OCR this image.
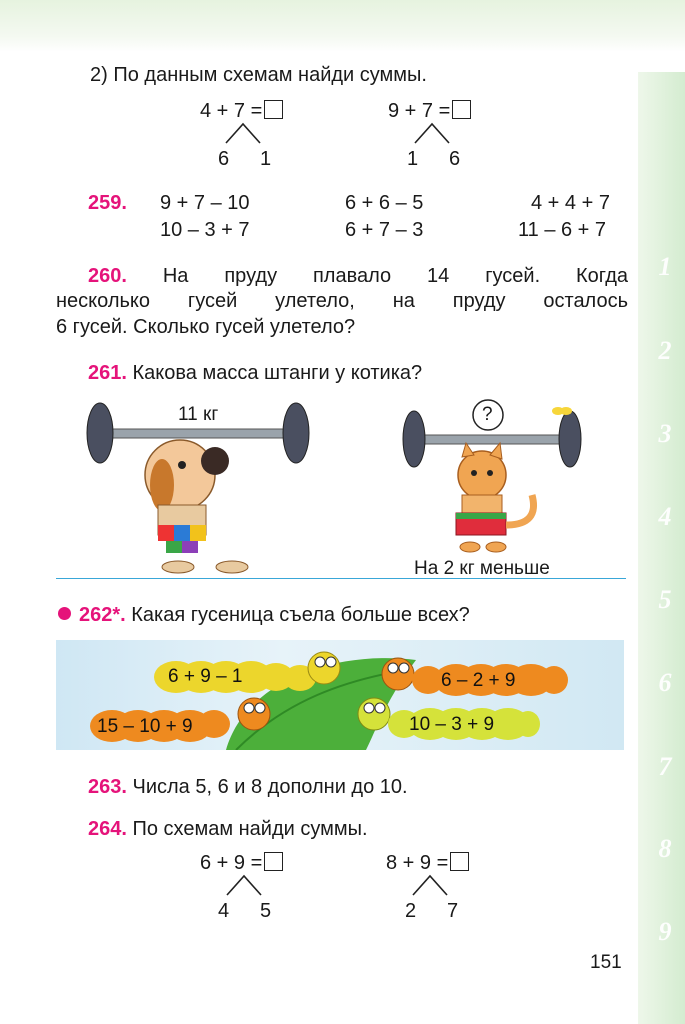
1
2
3
4
5
6
7
8
9
2) По данным схемам найди суммы.
4 + 7 =	9 + 7 =
6 1	1 6
259. 9 + 7 – 10	6 + 6 – 5	4 + 4 + 7
10 – 3 + 7	6 + 7 – 3	11 – 6 + 7
260. На пруду плавало 14 гусей. Когда
несколько гусей улетело, на пруду осталось
6 гусей. Сколько гусей улетело?
261. Какова масса штанги у котика?
11 кг	?
На 2 кг меньше
262*. Какая гусеница съела больше всех?
6 + 9 – 1	6 – 2 + 9
15 – 10 + 9	10 – 3 + 9
263. Числа 5, 6 и 8 дополни до 10.
264. По схемам найди суммы.
6 + 9 =	8 + 9 =
4 5	2 7
151
